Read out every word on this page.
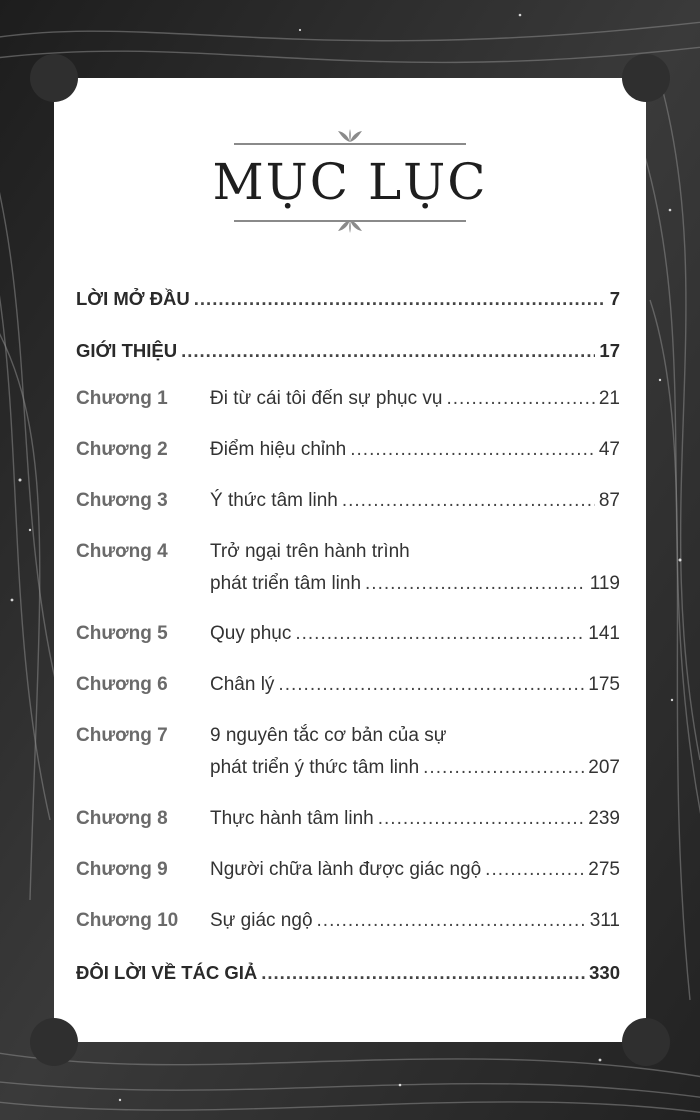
MỤC LỤC
LỜI MỞ ĐẦU .....	7
GIỚI THIỆU .....	17
Chương 1 Đi từ cái tôi đến sự phục vụ .....	21
Chương 2 Điểm hiệu chỉnh .....	47
Chương 3 Ý thức tâm linh .....	87
Chương 4 Trở ngại trên hành trình
phát triển tâm linh .....	119
Chương 5 Quy phục .....	141
Chương 6 Chân lý .....	175
Chương 7 9 nguyên tắc cơ bản của sự
phát triển ý thức tâm linh .....	207
Chương 8 Thực hành tâm linh .....	239
Chương 9 Người chữa lành được giác ngộ .....	275
Chương 10 Sự giác ngộ .....	311
ĐÔI LỜI VỀ TÁC GIẢ .....	330
